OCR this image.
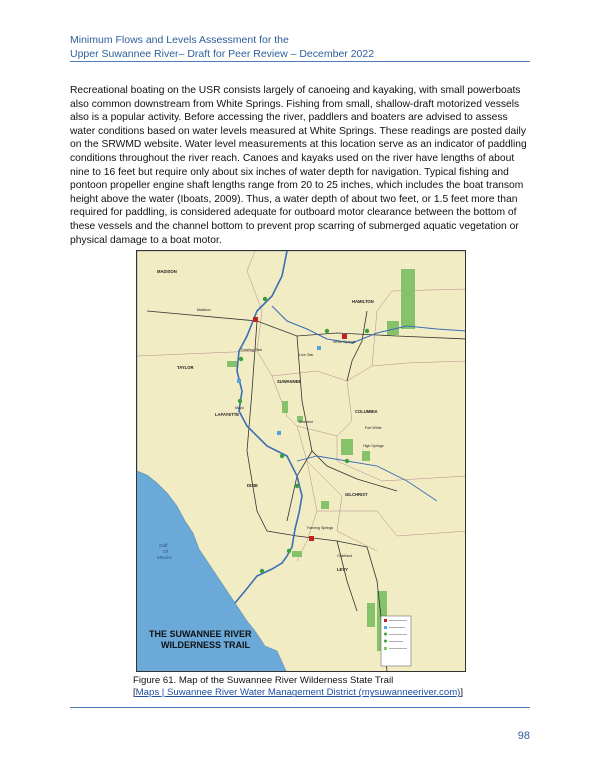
Minimum Flows and Levels Assessment for the
Upper Suwannee River– Draft for Peer Review – December 2022

Recreational boating on the USR consists largely of canoeing and kayaking, with small powerboats also common downstream from White Springs. Fishing from small, shallow-draft motorized vessels also is a popular activity. Before accessing the river, paddlers and boaters are advised to assess water conditions based on water levels measured at White Springs. These readings are posted daily on the SRWMD website. Water level measurements at this location serve as an indicator of paddling conditions throughout the river reach. Canoes and kayaks used on the river have lengths of about nine to 16 feet but require only about six inches of water depth for navigation. Typical fishing and pontoon propeller engine shaft lengths range from 20 to 25 inches, which includes the boat transom height above the water (Iboats, 2009). Thus, a water depth of about two feet, or 1.5 feet more than required for paddling, is considered adequate for outboard motor clearance between the bottom of these vessels and the channel bottom to prevent prop scarring of submerged aquatic vegetation or physical damage to a boat motor.

MADISON
HAMILTON
TAYLOR
SUWANNEE
LAFAYETTE
COLUMBIA
GILCHRIST
DIXIE
LEVY
Madison
Dowling Park
Mayo
Branford
Fort White
High Springs
Fanning Springs
Chiefland
White Springs
Live Oak
Gulf
Of
Mexico
THE SUWANNEE RIVER
WILDERNESS TRAIL
Figure 61. Map of the Suwannee River Wilderness State Trail
[Maps | Suwannee River Water Management District (mysuwanneeriver.com)]
98
